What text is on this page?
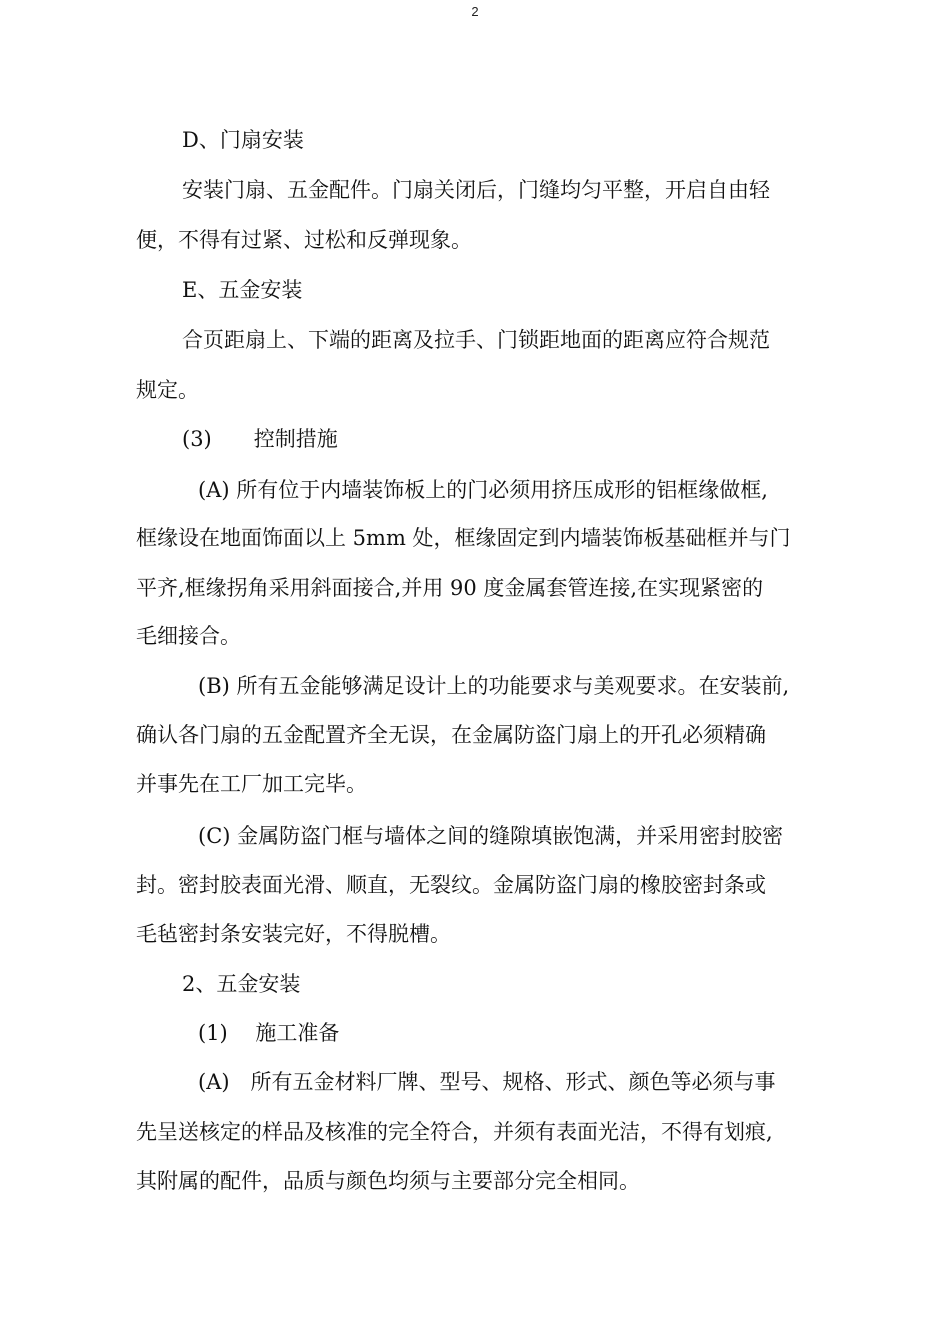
2
D、门扇安装
安装门扇、五金配件。门扇关闭后，门缝均匀平整，开启自由轻
便，不得有过紧、过松和反弹现象。
E、五金安装
合页距扇上、下端的距离及拉手、门锁距地面的距离应符合规范
规定。
(3)　　控制措施
(A) 所有位于内墙装饰板上的门必须用挤压成形的铝框缘做框,
框缘设在地面饰面以上 5mm 处，框缘固定到内墙装饰板基础框并与门
平齐,框缘拐角采用斜面接合,并用 90 度金属套管连接,在实现紧密的
毛细接合。
(B) 所有五金能够满足设计上的功能要求与美观要求。在安装前,
确认各门扇的五金配置齐全无误，在金属防盗门扇上的开孔必须精确
并事先在工厂加工完毕。
(C) 金属防盗门框与墙体之间的缝隙填嵌饱满，并采用密封胶密
封。密封胶表面光滑、顺直，无裂纹。金属防盗门扇的橡胶密封条或
毛毡密封条安装完好，不得脱槽。
2、五金安装
(1)　 施工准备
(A)　所有五金材料厂牌、型号、规格、形式、颜色等必须与事
先呈送核定的样品及核准的完全符合，并须有表面光洁，不得有划痕,
其附属的配件，品质与颜色均须与主要部分完全相同。
